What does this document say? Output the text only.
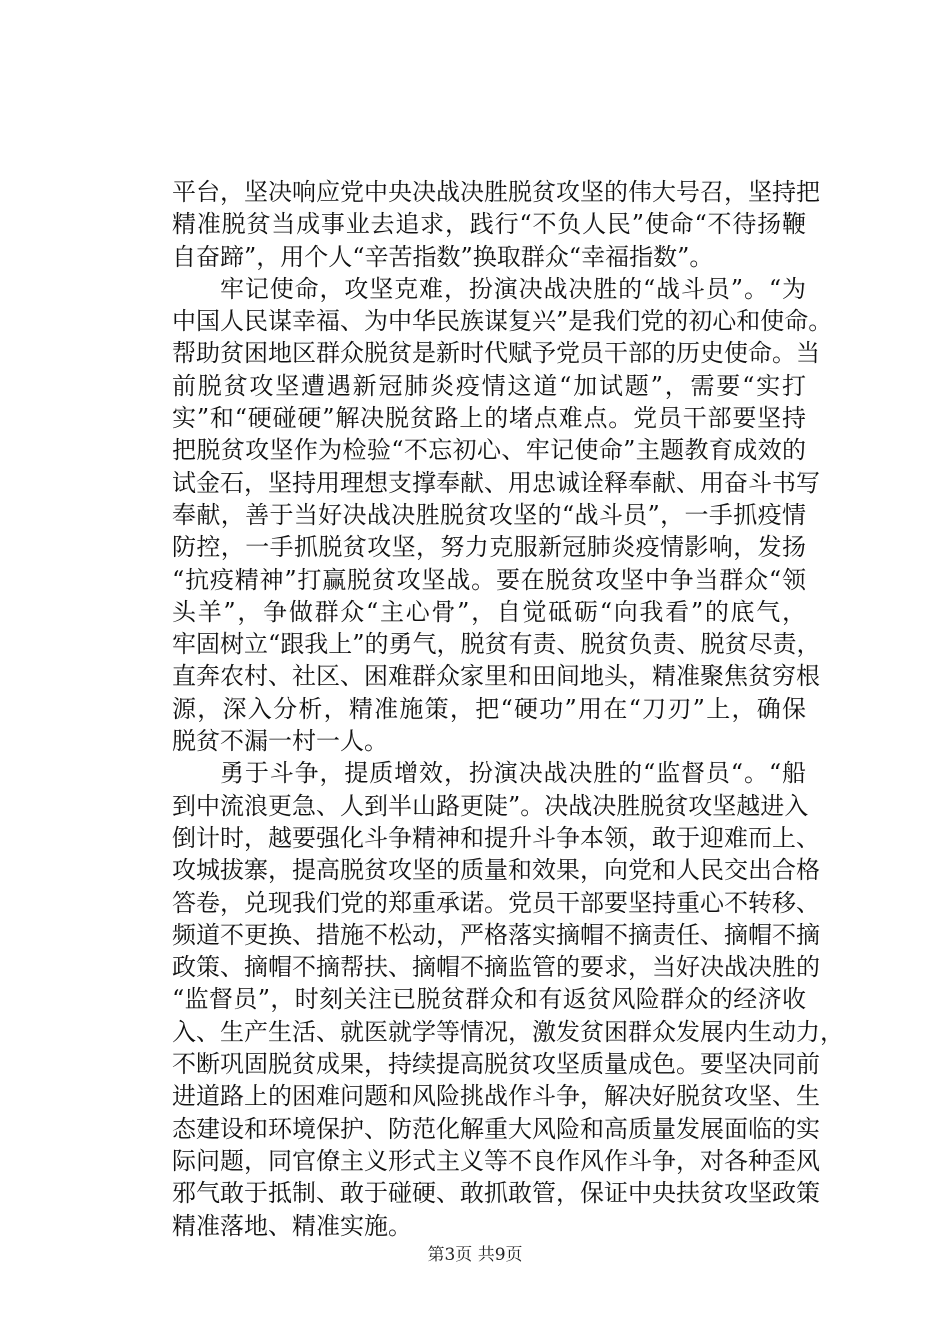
平台，坚决响应党中央决战决胜脱贫攻坚的伟大号召，坚持把
精准脱贫当成事业去追求，践行“不负人民”使命“不待扬鞭
自奋蹄”，用个人“辛苦指数”换取群众“幸福指数”。
牢记使命，攻坚克难，扮演决战决胜的“战斗员”。“为
中国人民谋幸福、为中华民族谋复兴”是我们党的初心和使命。
帮助贫困地区群众脱贫是新时代赋予党员干部的历史使命。当
前脱贫攻坚遭遇新冠肺炎疫情这道“加试题”，需要“实打
实”和“硬碰硬”解决脱贫路上的堵点难点。党员干部要坚持
把脱贫攻坚作为检验“不忘初心、牢记使命”主题教育成效的
试金石，坚持用理想支撑奉献、用忠诚诠释奉献、用奋斗书写
奉献，善于当好决战决胜脱贫攻坚的“战斗员”，一手抓疫情
防控，一手抓脱贫攻坚，努力克服新冠肺炎疫情影响，发扬
“抗疫精神”打赢脱贫攻坚战。要在脱贫攻坚中争当群众“领
头羊”，争做群众“主心骨”，自觉砥砺“向我看”的底气，
牢固树立“跟我上”的勇气，脱贫有责、脱贫负责、脱贫尽责，
直奔农村、社区、困难群众家里和田间地头，精准聚焦贫穷根
源，深入分析，精准施策，把“硬功”用在“刀刃”上，确保
脱贫不漏一村一人。
勇于斗争，提质增效，扮演决战决胜的“监督员“。“船
到中流浪更急、人到半山路更陡”。决战决胜脱贫攻坚越进入
倒计时，越要强化斗争精神和提升斗争本领，敢于迎难而上、
攻城拔寨，提高脱贫攻坚的质量和效果，向党和人民交出合格
答卷，兑现我们党的郑重承诺。党员干部要坚持重心不转移、
频道不更换、措施不松动，严格落实摘帽不摘责任、摘帽不摘
政策、摘帽不摘帮扶、摘帽不摘监管的要求，当好决战决胜的
“监督员”，时刻关注已脱贫群众和有返贫风险群众的经济收
入、生产生活、就医就学等情况，激发贫困群众发展内生动力，
不断巩固脱贫成果，持续提高脱贫攻坚质量成色。要坚决同前
进道路上的困难问题和风险挑战作斗争，解决好脱贫攻坚、生
态建设和环境保护、防范化解重大风险和高质量发展面临的实
际问题，同官僚主义形式主义等不良作风作斗争，对各种歪风
邪气敢于抵制、敢于碰硬、敢抓敢管，保证中央扶贫攻坚政策
精准落地、精准实施。
第3页 共9页
